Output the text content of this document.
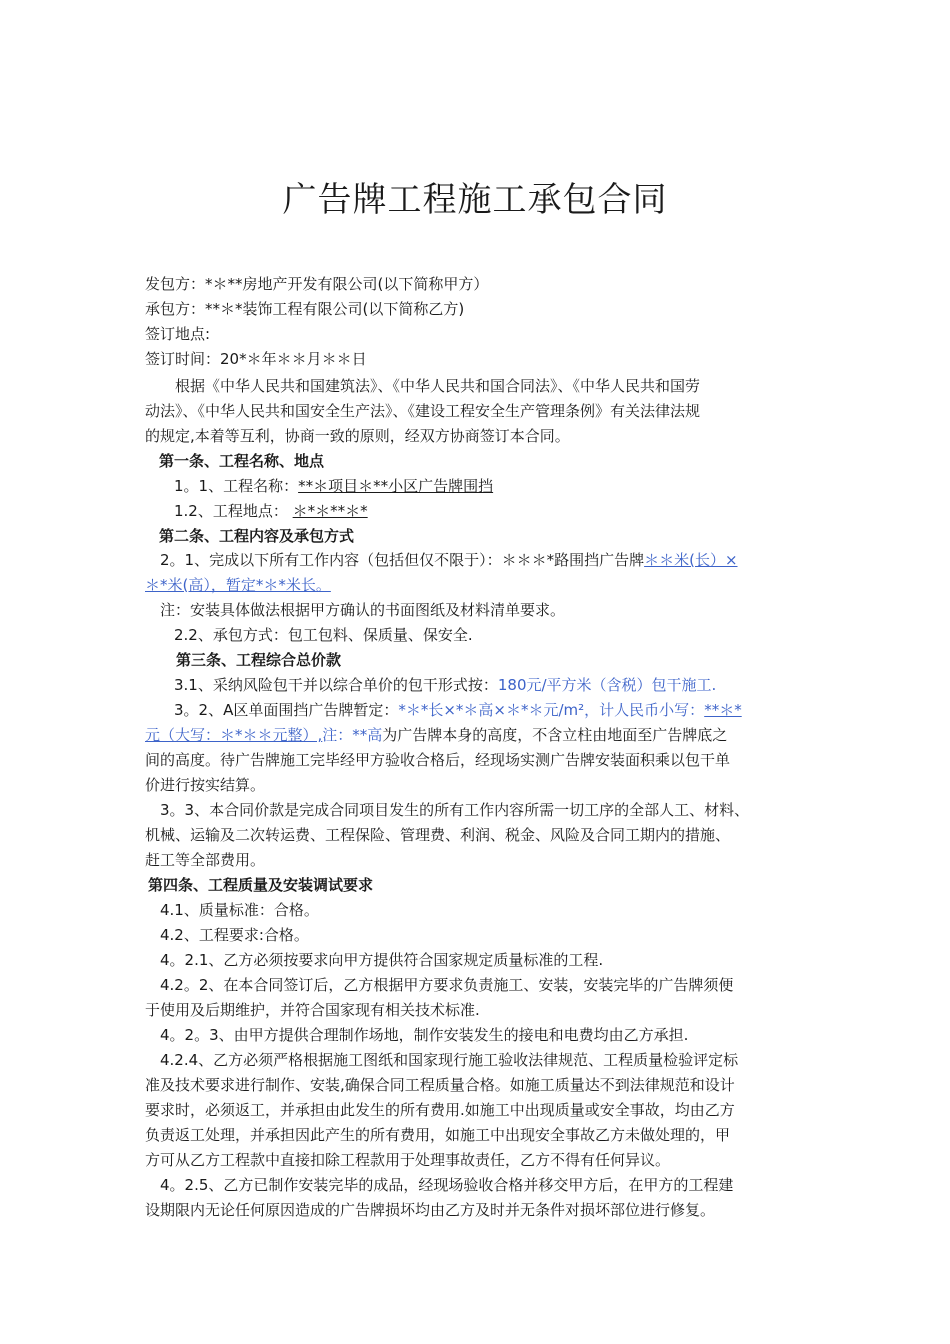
广告牌工程施工承包合同
发包方：*＊**房地产开发有限公司(以下简称甲方）
承包方：**＊*装饰工程有限公司(以下简称乙方)
签订地点:
签订时间：20*＊年＊＊月＊＊日
根据《中华人民共和国建筑法》、《中华人民共和国合同法》、《中华人民共和国劳
动法》、《中华人民共和国安全生产法》、《建设工程安全生产管理条例》有关法律法规
的规定,本着等互利，协商一致的原则，经双方协商签订本合同。
第一条、工程名称、地点
1。1、工程名称：**＊项目＊**小区广告牌围挡
1.2、工程地点： ＊*＊**＊*
第二条、工程内容及承包方式
2。1、完成以下所有工作内容（包括但仅不限于）：＊＊＊*路围挡广告牌＊＊米(长）×
＊*米(高），暂定*＊*米长。
注：安装具体做法根据甲方确认的书面图纸及材料清单要求。
2.2、承包方式：包工包料、保质量、保安全.
第三条、工程综合总价款
3.1、采纳风险包干并以综合单价的包干形式按：180元/平方米（含税）包干施工.
3。2、A区单面围挡广告牌暂定：*＊*长×*＊高×＊*＊元/m²，计人民币小写：**＊*
元（大写：＊*＊＊元整）,注：**高为广告牌本身的高度，不含立柱由地面至广告牌底之
间的高度。待广告牌施工完毕经甲方验收合格后，经现场实测广告牌安装面积乘以包干单
价进行按实结算。
3。3、本合同价款是完成合同项目发生的所有工作内容所需一切工序的全部人工、材料、
机械、运输及二次转运费、工程保险、管理费、利润、税金、风险及合同工期内的措施、
赶工等全部费用。
第四条、工程质量及安装调试要求
4.1、质量标准：合格。
4.2、工程要求:合格。
4。2.1、乙方必须按要求向甲方提供符合国家规定质量标准的工程.
4.2。2、在本合同签订后，乙方根据甲方要求负责施工、安装，安装完毕的广告牌须便
于使用及后期维护，并符合国家现有相关技术标准.
4。2。3、由甲方提供合理制作场地，制作安装发生的接电和电费均由乙方承担.
4.2.4、乙方必须严格根据施工图纸和国家现行施工验收法律规范、工程质量检验评定标
准及技术要求进行制作、安装,确保合同工程质量合格。如施工质量达不到法律规范和设计
要求时，必须返工，并承担由此发生的所有费用.如施工中出现质量或安全事故，均由乙方
负责返工处理，并承担因此产生的所有费用，如施工中出现安全事故乙方未做处理的，甲
方可从乙方工程款中直接扣除工程款用于处理事故责任，乙方不得有任何异议。
4。2.5、乙方已制作安装完毕的成品，经现场验收合格并移交甲方后，在甲方的工程建
设期限内无论任何原因造成的广告牌损坏均由乙方及时并无条件对损坏部位进行修复。
